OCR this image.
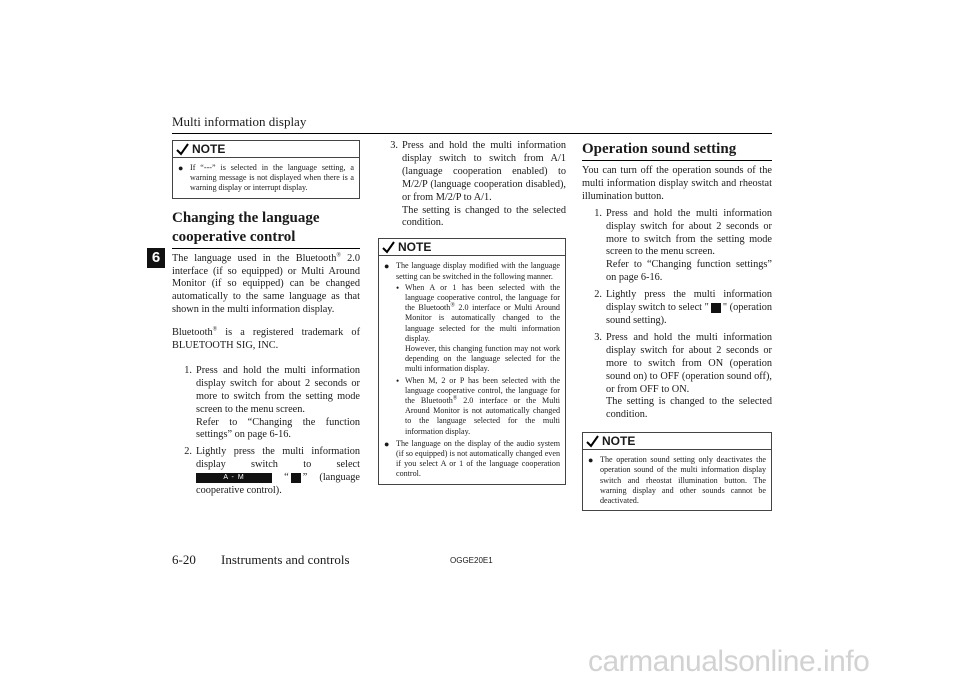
Multi information display
6
NOTE
● If “---” is selected in the language setting, a warning message is not displayed when there is a warning display or interrupt display.
Changing the language cooperative control

The language used in the Bluetooth® 2.0 interface (if so equipped) or Multi Around Monitor (if so equipped) can be changed automatically to the same language as that shown in the multi information display.

Bluetooth® is a registered trademark of BLUETOOTH SIG, INC.

1. Press and hold the multi information display switch for about 2 seconds or more to switch from the setting mode screen to the menu screen.
Refer to “Changing the function settings” on page 6-16.
2. Lightly press the multi information display switch to select A - M	“ ” (language cooperative control).
3. Press and hold the multi information display switch to switch from A/1 (language cooperation enabled) to M/2/P (language cooperation disabled), or from M/2/P to A/1.
The setting is changed to the selected condition.
NOTE
● The language display modified with the language setting can be switched in the following manner.
• When A or 1 has been selected with the language cooperative control, the language for the Bluetooth® 2.0 interface or Multi Around Monitor is automatically changed to the language selected for the multi information display.
However, this changing function may not work depending on the language selected for the multi information display.
• When M, 2 or P has been selected with the language cooperative control, the language for the Bluetooth® 2.0 interface or the Multi Around Monitor is not automatically changed to the language selected for the multi information display.
● The language on the display of the audio system (if so equipped) is not automatically changed even if you select A or 1 of the language cooperation control.
Operation sound setting

You can turn off the operation sounds of the multi information display switch and rheostat illumination button.

1. Press and hold the multi information display switch for about 2 seconds or more to switch from the setting mode screen to the menu screen.
Refer to “Changing function settings” on page 6-16.
2. Lightly press the multi information display switch to select " " (operation sound setting).
3. Press and hold the multi information display switch for about 2 seconds or more to switch from ON (operation sound on) to OFF (operation sound off), or from OFF to ON.
The setting is changed to the selected condition.
NOTE
● The operation sound setting only deactivates the operation sound of the multi information display switch and rheostat illumination button. The warning display and other sounds cannot be deactivated.
6-20 Instruments and controls	OGGE20E1
carmanualsonline.info
